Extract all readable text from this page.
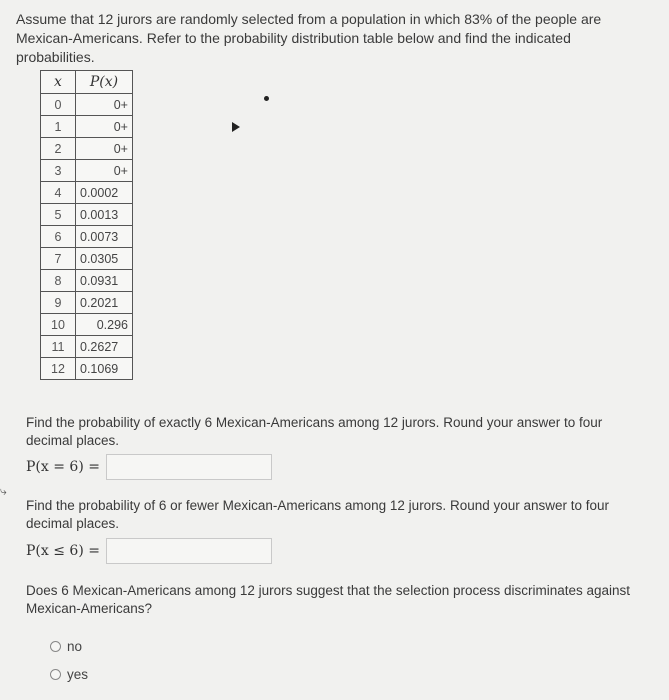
Assume that 12 jurors are randomly selected from a population in which 83% of the people are Mexican-Americans. Refer to the probability distribution table below and find the indicated probabilities.
x	P(x)
0	0+
1	0+
2	0+
3	0+
4	0.0002
5	0.0013
6	0.0073
7	0.0305
8	0.0931
9	0.2021
10	0.296
11	0.2627
12	0.1069
Find the probability of exactly 6 Mexican-Americans among 12 jurors. Round your answer to four decimal places.
P(x = 6) =
Find the probability of 6 or fewer Mexican-Americans among 12 jurors. Round your answer to four decimal places.
P(x ≤ 6) =
Does 6 Mexican-Americans among 12 jurors suggest that the selection process discriminates against Mexican-Americans?
no
yes
⤷
